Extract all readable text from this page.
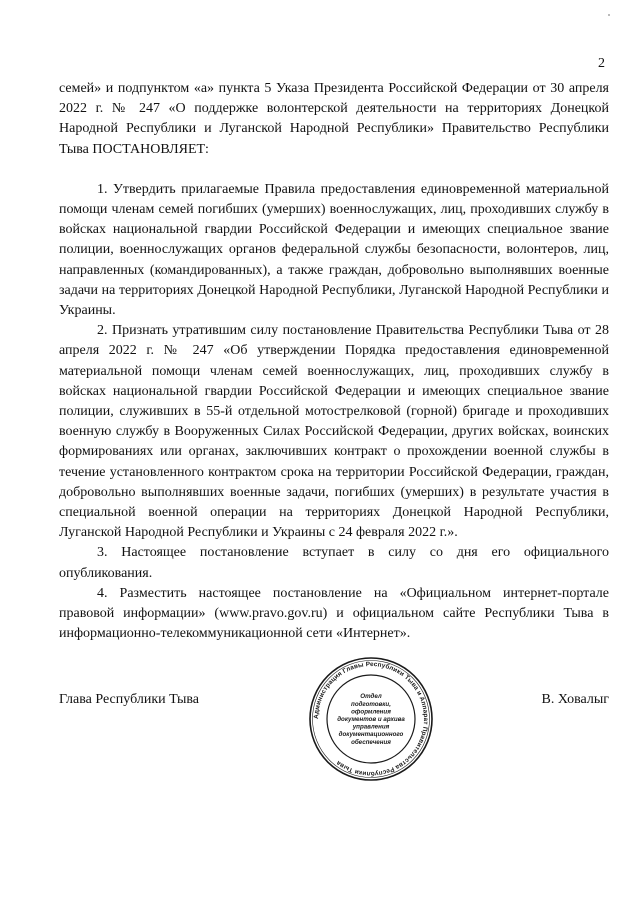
2

семей» и подпунктом «а» пункта 5 Указа Президента Российской Федерации от 30 апреля 2022 г. № 247 «О поддержке волонтерской деятельности на территориях Донецкой Народной Республики и Луганской Народной Республики» Правительство Республики Тыва ПОСТАНОВЛЯЕТ:

1. Утвердить прилагаемые Правила предоставления единовременной материальной помощи членам семей погибших (умерших) военнослужащих, лиц, проходивших службу в войсках национальной гвардии Российской Федерации и имеющих специальное звание полиции, военнослужащих органов федеральной службы безопасности, волонтеров, лиц, направленных (командированных), а также граждан, добровольно выполнявших военные задачи на территориях Донецкой Народной Республики, Луганской Народной Республики и Украины.

2. Признать утратившим силу постановление Правительства Республики Тыва от 28 апреля 2022 г. № 247 «Об утверждении Порядка предоставления единовременной материальной помощи членам семей военнослужащих, лиц, проходивших службу в войсках национальной гвардии Российской Федерации и имеющих специальное звание полиции, служивших в 55-й отдельной мотострелковой (горной) бригаде и проходивших военную службу в Вооруженных Силах Российской Федерации, других войсках, воинских формированиях или органах, заключивших контракт о прохождении военной службы в течение установленного контрактом срока на территории Российской Федерации, граждан, добровольно выполнявших военные задачи, погибших (умерших) в результате участия в специальной военной операции на территориях Донецкой Народной Республики, Луганской Народной Республики и Украины с 24 февраля 2022 г.».

3. Настоящее постановление вступает в силу со дня его официального опубликования.

4. Разместить настоящее постановление на «Официальном интернет-портале правовой информации» (www.pravo.gov.ru) и официальном сайте Республики Тыва в информационно-телекоммуникационной сети «Интернет».

Глава Республики Тыва	В. Ховалыг
Администрация Главы Республики Тыва и Аппарат Правительства Республики Тыва
Отдел
подготовки,
оформления
документов и архива
управления
документационного
обеспечения
